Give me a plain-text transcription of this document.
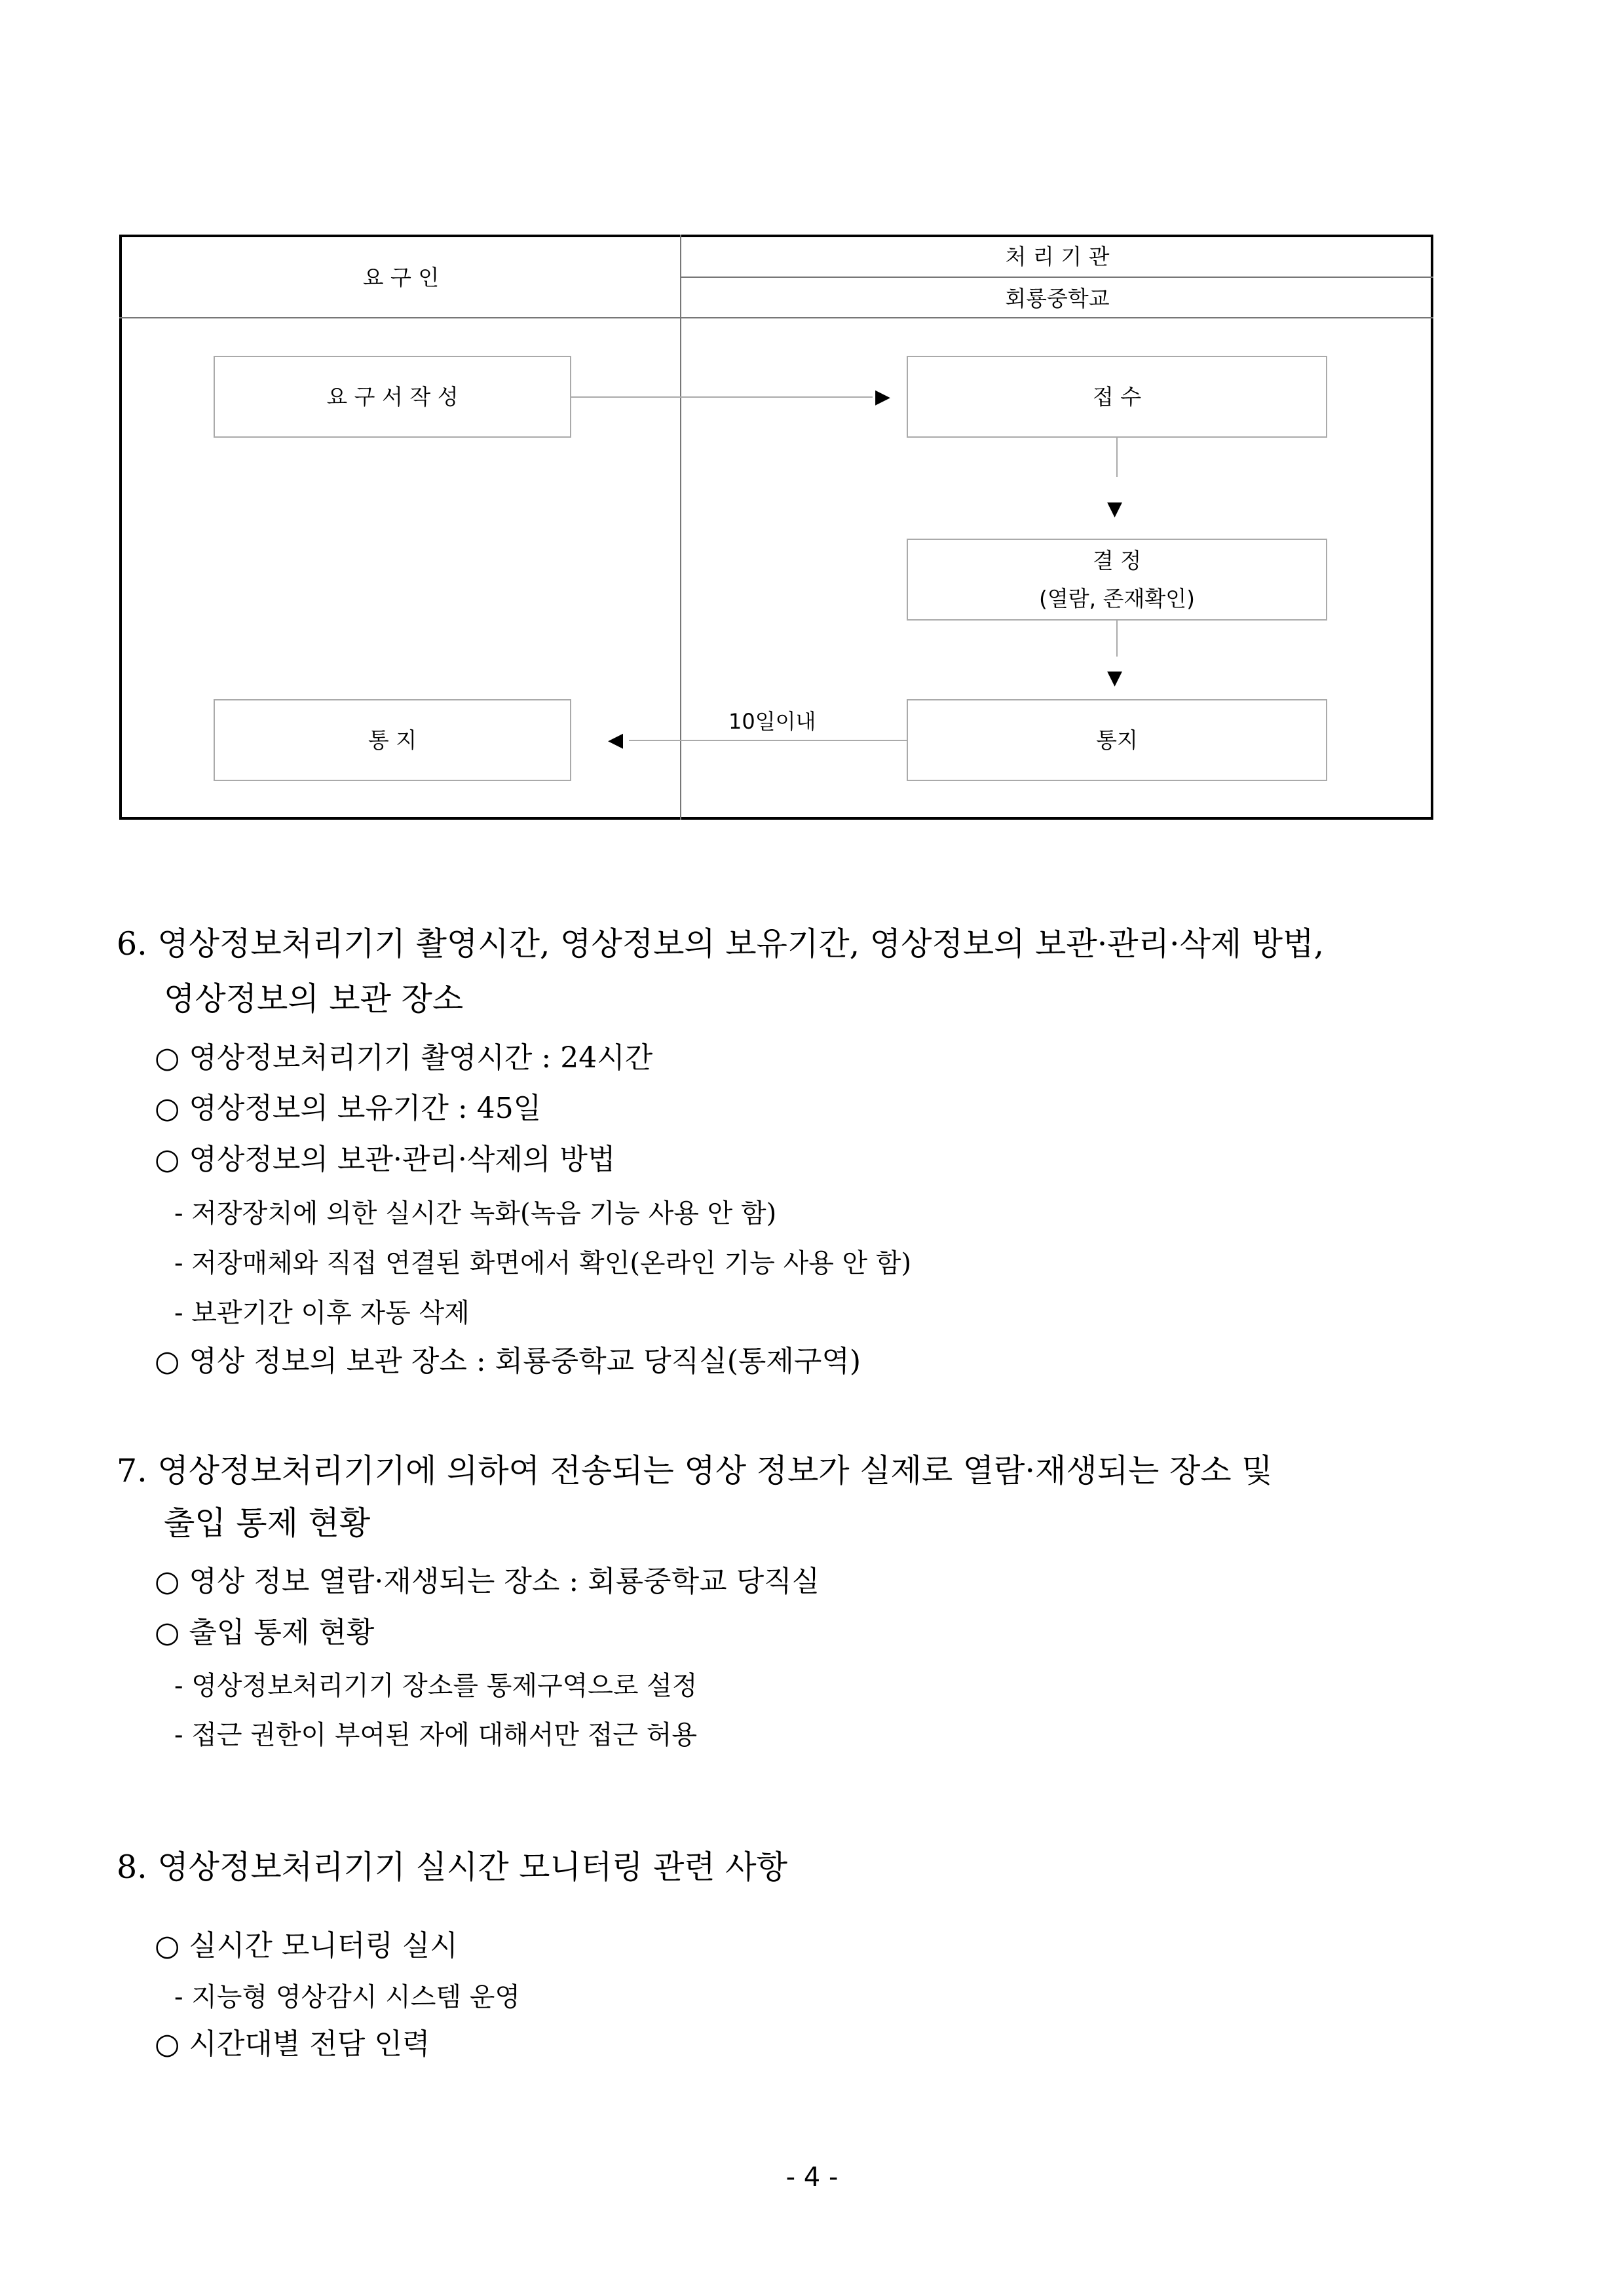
요 구 인
처 리 기 관
회룡중학교
요 구 서 작 성	접 수
결 정
(열람, 존재확인)
통지
통 지
▶
▼
▼
◀
10일이내
6. 영상정보처리기기 촬영시간, 영상정보의 보유기간, 영상정보의 보관·관리·삭제 방법,
영상정보의 보관 장소
○ 영상정보처리기기 촬영시간 : 24시간
○ 영상정보의 보유기간 : 45일
○ 영상정보의 보관·관리·삭제의 방법
- 저장장치에 의한 실시간 녹화(녹음 기능 사용 안 함)
- 저장매체와 직접 연결된 화면에서 확인(온라인 기능 사용 안 함)
- 보관기간 이후 자동 삭제
○ 영상 정보의 보관 장소 : 회룡중학교 당직실(통제구역)
7. 영상정보처리기기에 의하여 전송되는 영상 정보가 실제로 열람·재생되는 장소 및
출입 통제 현황
○ 영상 정보 열람·재생되는 장소 : 회룡중학교 당직실
○ 출입 통제 현황
- 영상정보처리기기 장소를 통제구역으로 설정
- 접근 권한이 부여된 자에 대해서만 접근 허용
8. 영상정보처리기기 실시간 모니터링 관련 사항
○ 실시간 모니터링 실시
- 지능형 영상감시 시스템 운영
○ 시간대별 전담 인력
- 4 -
